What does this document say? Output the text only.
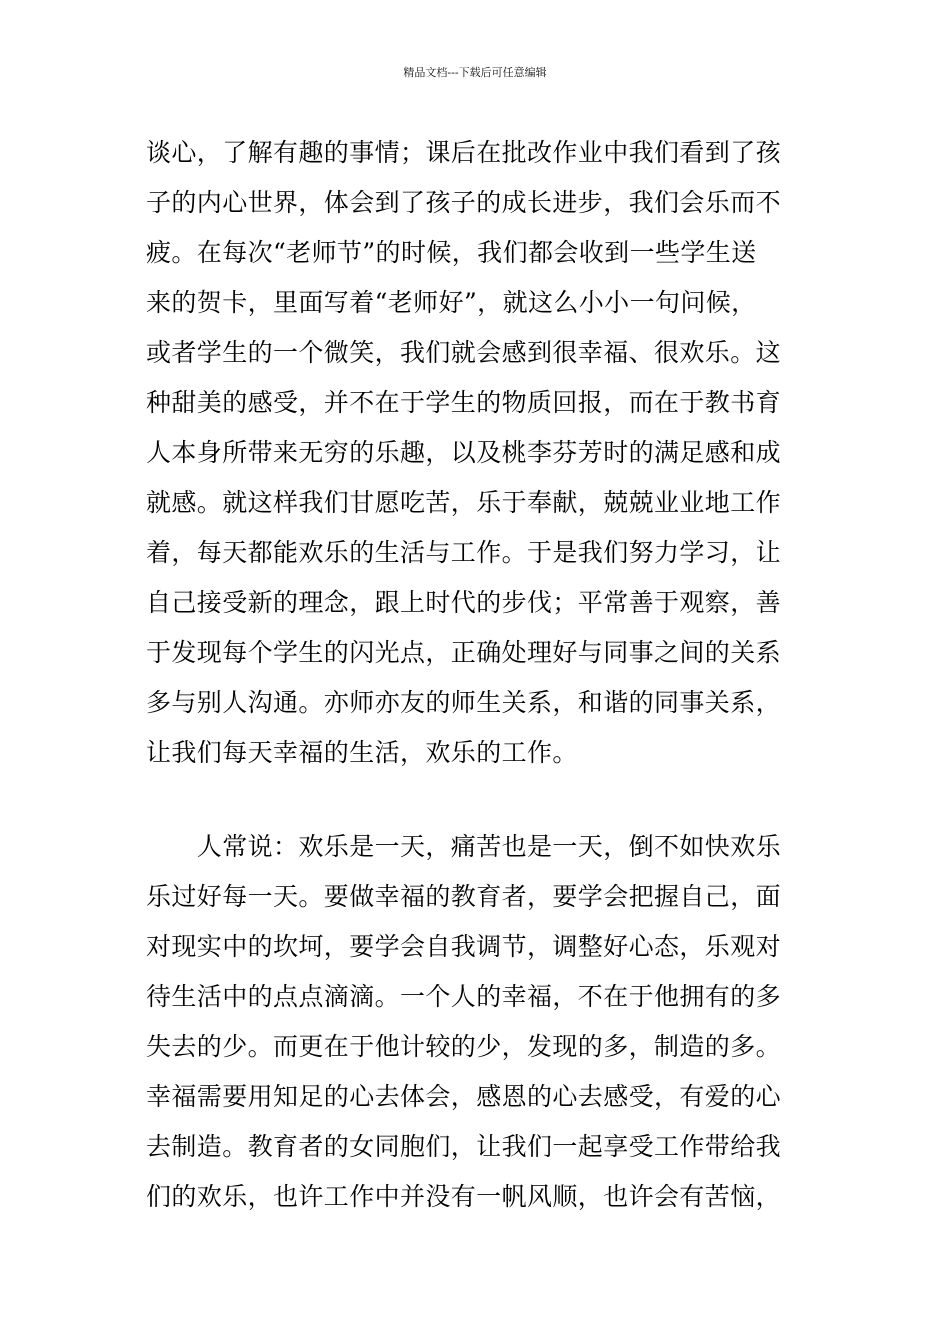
精品文档---下载后可任意编辑
谈心，了解有趣的事情；课后在批改作业中我们看到了孩
子的内心世界，体会到了孩子的成长进步，我们会乐而不
疲。在每次“老师节”的时候，我们都会收到一些学生送
来的贺卡，里面写着“老师好”，就这么小小一句问候，
或者学生的一个微笑，我们就会感到很幸福、很欢乐。这
种甜美的感受，并不在于学生的物质回报，而在于教书育
人本身所带来无穷的乐趣，以及桃李芬芳时的满足感和成
就感。就这样我们甘愿吃苦，乐于奉献，兢兢业业地工作
着，每天都能欢乐的生活与工作。于是我们努力学习，让
自己接受新的理念，跟上时代的步伐；平常善于观察，善
于发现每个学生的闪光点，正确处理好与同事之间的关系
多与别人沟通。亦师亦友的师生关系，和谐的同事关系，
让我们每天幸福的生活，欢乐的工作。
　　人常说：欢乐是一天，痛苦也是一天，倒不如快欢乐
乐过好每一天。要做幸福的教育者，要学会把握自己，面
对现实中的坎坷，要学会自我调节，调整好心态，乐观对
待生活中的点点滴滴。一个人的幸福，不在于他拥有的多
失去的少。而更在于他计较的少，发现的多，制造的多。
幸福需要用知足的心去体会，感恩的心去感受，有爱的心
去制造。教育者的女同胞们，让我们一起享受工作带给我
们的欢乐，也许工作中并没有一帆风顺，也许会有苦恼，
